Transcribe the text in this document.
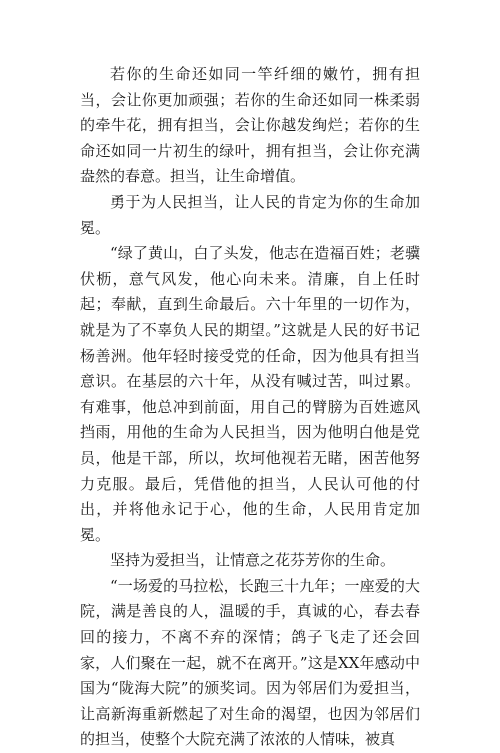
若你的生命还如同一竿纤细的嫩竹，拥有担当，会让你更加顽强；若你的生命还如同一株柔弱的牵牛花，拥有担当，会让你越发绚烂；若你的生命还如同一片初生的绿叶，拥有担当，会让你充满盎然的春意。担当，让生命增值。

勇于为人民担当，让人民的肯定为你的生命加冕。

“绿了黄山，白了头发，他志在造福百姓；老骥伏枥，意气风发，他心向未来。清廉，自上任时起；奉献，直到生命最后。六十年里的一切作为，就是为了不辜负人民的期望。”这就是人民的好书记杨善洲。他年轻时接受党的任命，因为他具有担当意识。在基层的六十年，从没有喊过苦，叫过累。有难事，他总冲到前面，用自己的臂膀为百姓遮风挡雨，用他的生命为人民担当，因为他明白他是党员，他是干部，所以，坎坷他视若无睹，困苦他努力克服。最后，凭借他的担当，人民认可他的付出，并将他永记于心，他的生命，人民用肯定加冕。

坚持为爱担当，让情意之花芬芳你的生命。

“一场爱的马拉松，长跑三十九年；一座爱的大院，满是善良的人，温暖的手，真诚的心，春去春回的接力，不离不弃的深情；鸽子飞走了还会回家，人们聚在一起，就不在离开。”这是XX年感动中国为“陇海大院”的颁奖词。因为邻居们为爱担当，让高新海重新燃起了对生命的渴望，也因为邻居们的担当，使整个大院充满了浓浓的人情味，被真
